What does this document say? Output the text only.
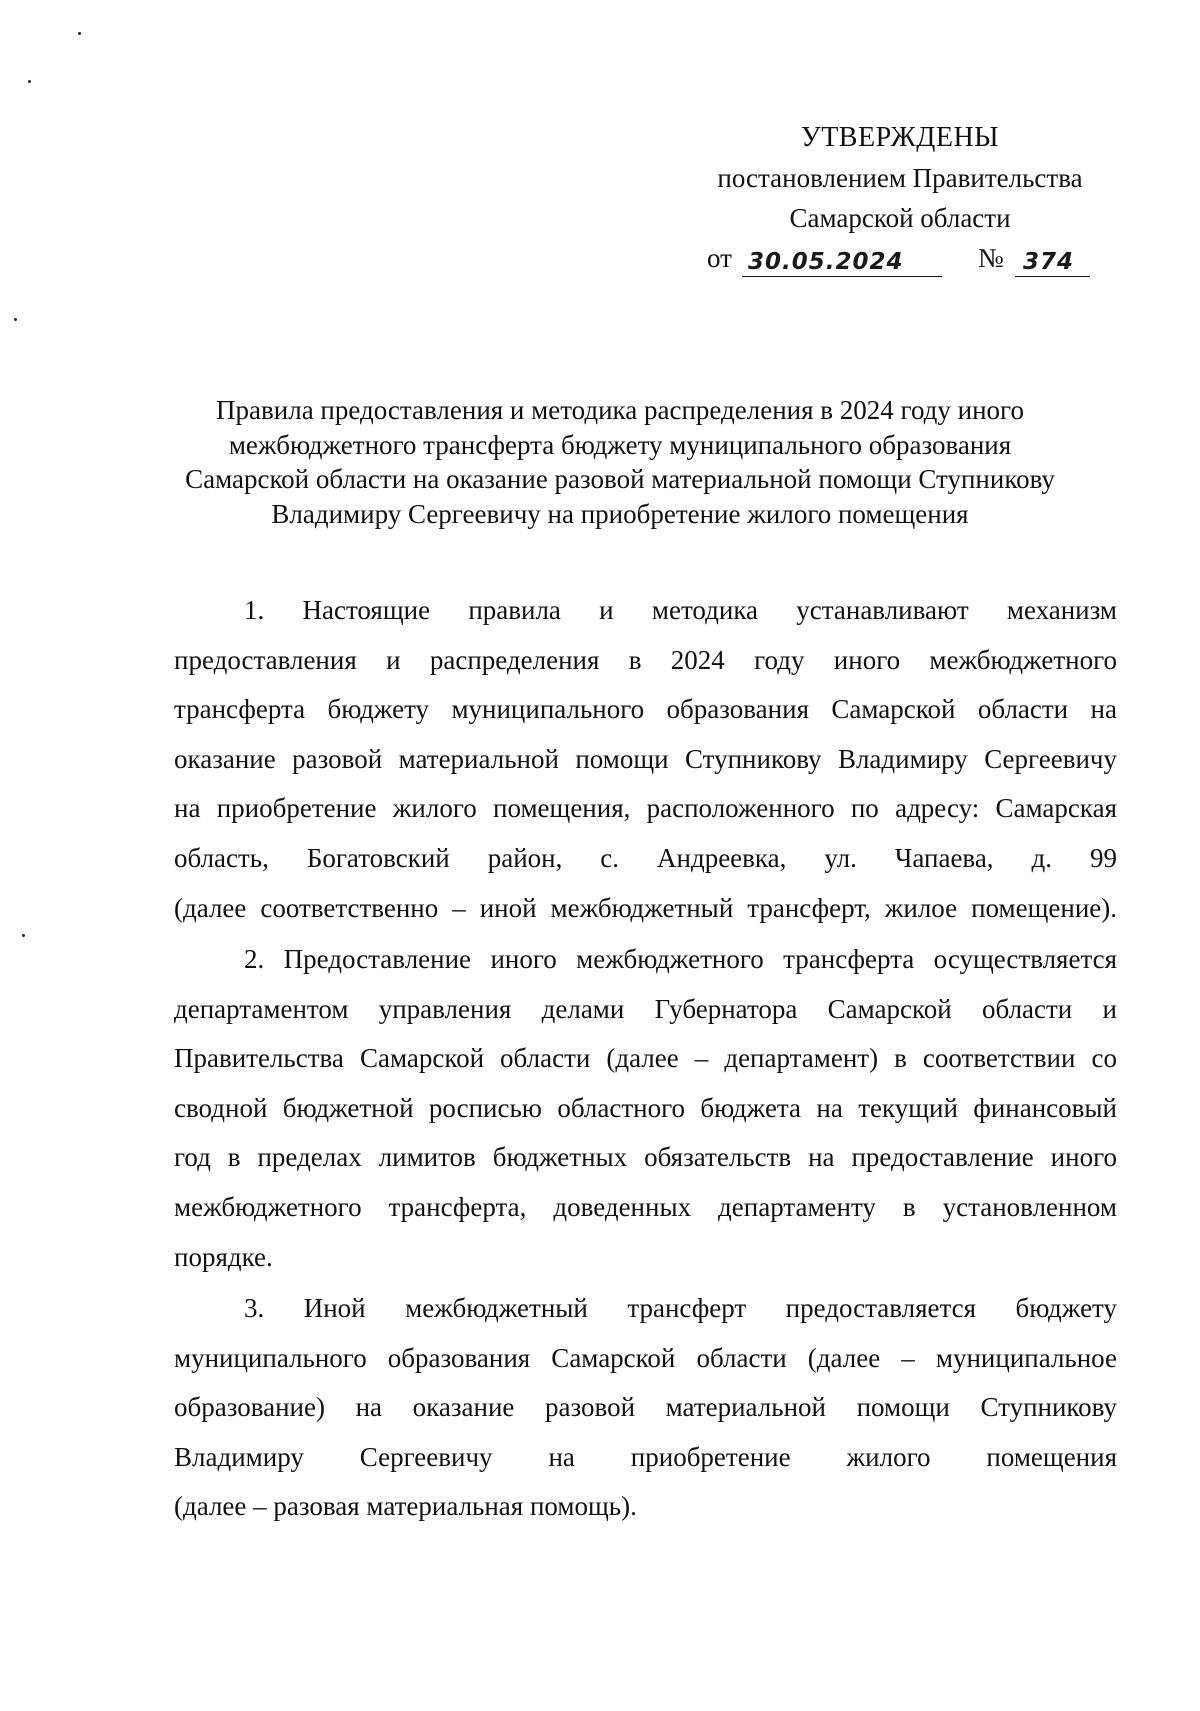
УТВЕРЖДЕНЫ
постановлением Правительства
Самарской области
от 30.05.2024	№ 374
Правила предоставления и методика распределения в 2024 году иного
межбюджетного трансферта бюджету муниципального образования
Самарской области на оказание разовой материальной помощи Ступникову
Владимиру Сергеевичу на приобретение жилого помещения
1. Настоящие правила и методика устанавливают механизм
предоставления и распределения в 2024 году иного межбюджетного
трансферта бюджету муниципального образования Самарской области на
оказание разовой материальной помощи Ступникову Владимиру Сергеевичу
на приобретение жилого помещения, расположенного по адресу: Самарская
область, Богатовский район, с. Андреевка, ул. Чапаева, д. 99
(далее соответственно – иной межбюджетный трансферт, жилое помещение).
2. Предоставление иного межбюджетного трансферта осуществляется
департаментом управления делами Губернатора Самарской области и
Правительства Самарской области (далее – департамент) в соответствии со
сводной бюджетной росписью областного бюджета на текущий финансовый
год в пределах лимитов бюджетных обязательств на предоставление иного
межбюджетного трансферта, доведенных департаменту в установленном
порядке.
3. Иной межбюджетный трансферт предоставляется бюджету
муниципального образования Самарской области (далее – муниципальное
образование) на оказание разовой материальной помощи Ступникову
Владимиру Сергеевичу на приобретение жилого помещения
(далее – разовая материальная помощь).
